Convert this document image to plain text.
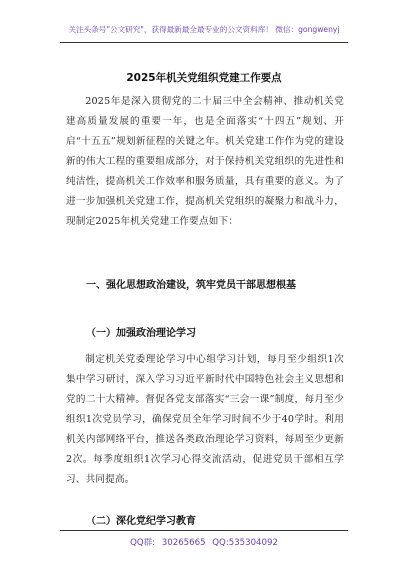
关注头条号"公文研究"，获得最新最全最专业的公文资料库！ 微信：gongwenyj
2025年机关党组织党建工作要点
2025年是深入贯彻党的二十届三中全会精神、推动机关党建高质量发展的重要一年，也是全面落实“十四五”规划、开启“十五五”规划新征程的关键之年。机关党建工作作为党的建设新的伟大工程的重要组成部分，对于保持机关党组织的先进性和纯洁性，提高机关工作效率和服务质量，具有重要的意义。为了进一步加强机关党建工作，提高机关党组织的凝聚力和战斗力，现制定2025年机关党建工作要点如下：
一、强化思想政治建设，筑牢党员干部思想根基
（一）加强政治理论学习
制定机关党委理论学习中心组学习计划，每月至少组织1次集中学习研讨，深入学习习近平新时代中国特色社会主义思想和党的二十大精神。督促各党支部落实“三会一课”制度，每月至少组织1次党员学习，确保党员全年学习时间不少于40学时。利用机关内部网络平台，推送各类政治理论学习资料，每周至少更新2次。每季度组织1次学习心得交流活动，促进党员干部相互学习、共同提高。
（二）深化党纪学习教育
QQ群: 30265665 QQ:535304092
